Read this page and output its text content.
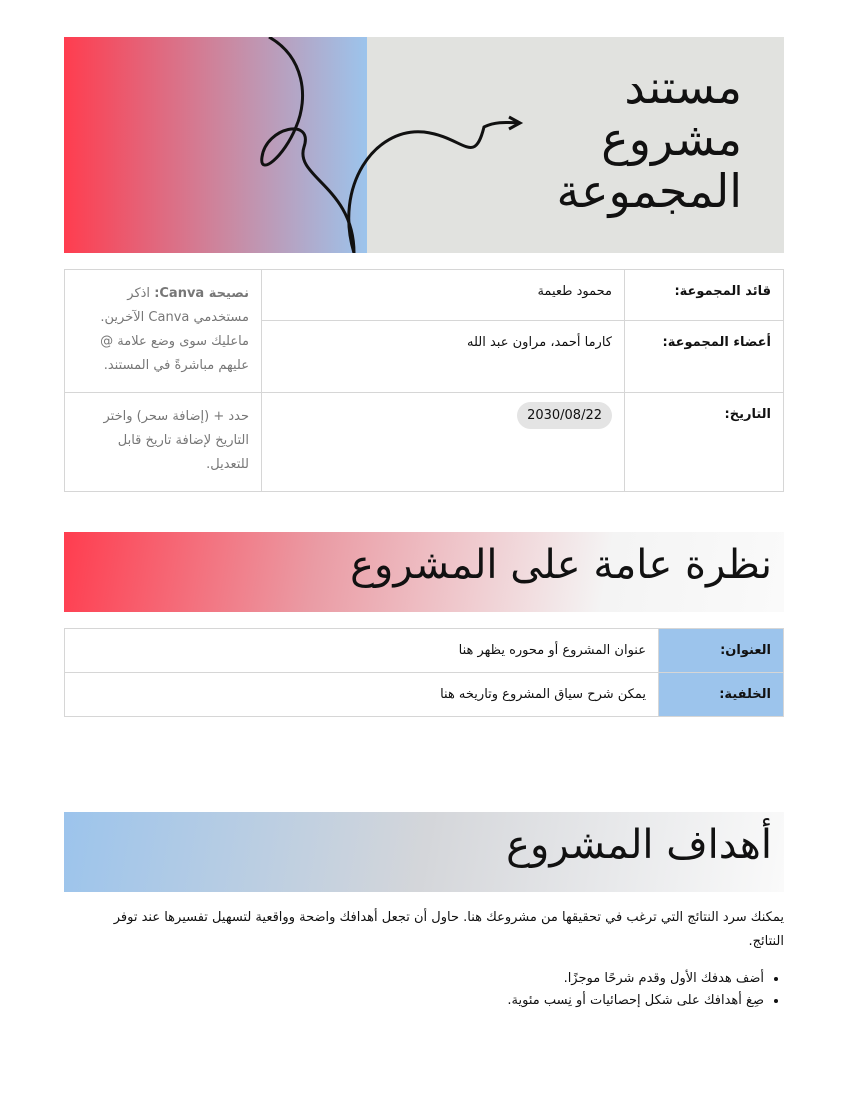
مستند مشروع المجموعة
قائد المجموعة:	محمود طعيمة	نصيحة Canva: اذكر مستخدمي Canva الآخرين. ماعليك سوى وضع علامة @ عليهم مباشرةً في المستند.
أعضاء المجموعة:	كارما أحمد، مراون عبد الله	
التاريخ:	2030/08/22	حدد + (إضافة سحر) واختر التاريخ لإضافة تاريخ قابل للتعديل.
نظرة عامة على المشروع
العنوان:	عنوان المشروع أو محوره يظهر هنا
الخلفية:	يمكن شرح سياق المشروع وتاريخه هنا
أهداف المشروع
يمكنك سرد النتائج التي ترغب في تحقيقها من مشروعك هنا. حاول أن تجعل أهدافك واضحة وواقعية لتسهيل تفسيرها عند توفر النتائج.
• أضف هدفك الأول وقدم شرحًا موجزًا.
• صِغ أهدافك على شكل إحصائيات أو نِسب مئوية.
